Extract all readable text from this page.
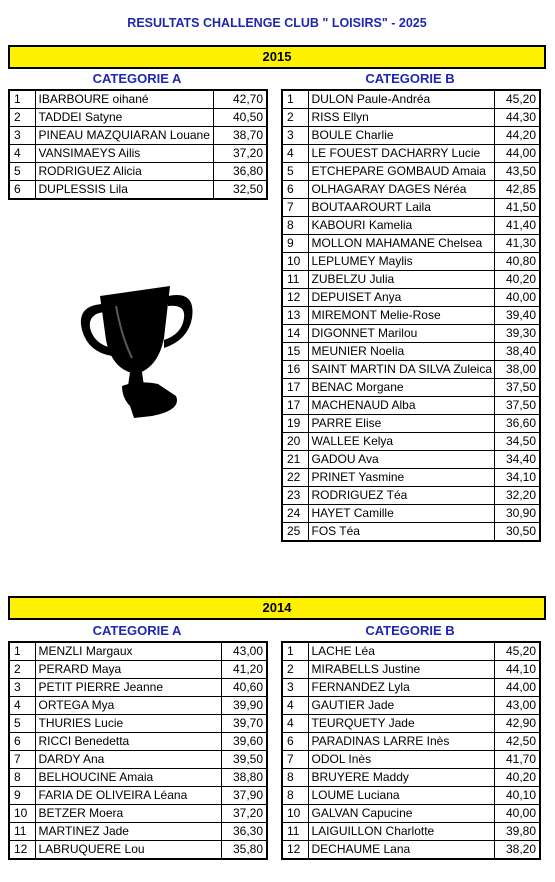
RESULTATS CHALLENGE CLUB " LOISIRS" - 2025
2015
CATEGORIE A	CATEGORIE B
1	IBARBOURE oihané	42,70
2	TADDEI Satyne	40,50
3	PINEAU MAZQUIARAN Louane	38,70
4	VANSIMAEYS Ailis	37,20
5	RODRIGUEZ Alicia	36,80
6	DUPLESSIS Lila	32,50
1	DULON Paule-Andréa	45,20
2	RISS Ellyn	44,30
3	BOULE Charlie	44,20
4	LE FOUEST DACHARRY Lucie	44,00
5	ETCHEPARE GOMBAUD Amaia	43,50
6	OLHAGARAY DAGES Néréa	42,85
7	BOUTAAROURT Laila	41,50
8	KABOURI Kamelia	41,40
9	MOLLON MAHAMANE Chelsea	41,30
10	LEPLUMEY Maylis	40,80
11	ZUBELZU Julia	40,20
12	DEPUISET Anya	40,00
13	MIREMONT Melie-Rose	39,40
14	DIGONNET Marilou	39,30
15	MEUNIER Noelia	38,40
16	SAINT MARTIN DA SILVA Zuleica	38,00
17	BENAC Morgane	37,50
17	MACHENAUD Alba	37,50
19	PARRE Elise	36,60
20	WALLEE Kelya	34,50
21	GADOU Ava	34,40
22	PRINET Yasmine	34,10
23	RODRIGUEZ Téa	32,20
24	HAYET Camille	30,90
25	FOS Téa	30,50
2014
CATEGORIE A	CATEGORIE B
1	MENZLI Margaux	43,00
2	PERARD Maya	41,20
3	PETIT PIERRE Jeanne	40,60
4	ORTEGA Mya	39,90
5	THURIES Lucie	39,70
6	RICCI Benedetta	39,60
7	DARDY Ana	39,50
8	BELHOUCINE Amaia	38,80
9	FARIA DE OLIVEIRA Léana	37,90
10	BETZER Moera	37,20
11	MARTINEZ Jade	36,30
12	LABRUQUERE Lou	35,80
1	LACHE Léa	45,20
2	MIRABELLS Justine	44,10
3	FERNANDEZ Lyla	44,00
4	GAUTIER Jade	43,00
4	TEURQUETY Jade	42,90
6	PARADINAS LARRE Inès	42,50
7	ODOL Inès	41,70
8	BRUYERE Maddy	40,20
8	LOUME Luciana	40,10
10	GALVAN Capucine	40,00
11	LAIGUILLON Charlotte	39,80
12	DECHAUME Lana	38,20
